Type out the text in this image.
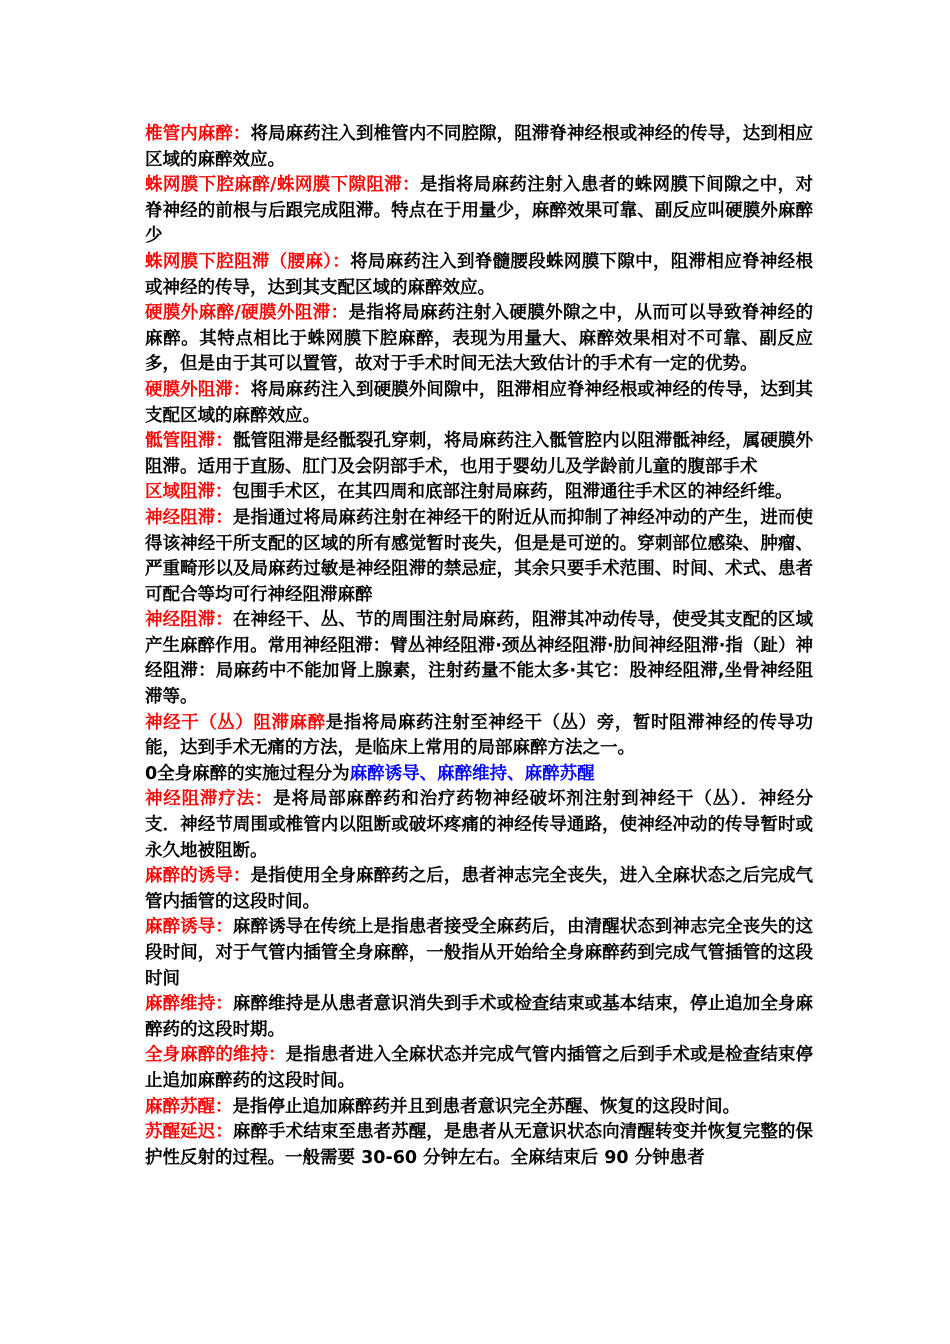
椎管内麻醉：将局麻药注入到椎管内不同腔隙，阻滞脊神经根或神经的传导，达到相应区域的麻醉效应。

蛛网膜下腔麻醉/蛛网膜下隙阻滞：是指将局麻药注射入患者的蛛网膜下间隙之中，对脊神经的前根与后跟完成阻滞。特点在于用量少，麻醉效果可靠、副反应叫硬膜外麻醉少

蛛网膜下腔阻滞（腰麻）：将局麻药注入到脊髓腰段蛛网膜下隙中，阻滞相应脊神经根或神经的传导，达到其支配区域的麻醉效应。

硬膜外麻醉/硬膜外阻滞：是指将局麻药注射入硬膜外隙之中，从而可以导致脊神经的麻醉。其特点相比于蛛网膜下腔麻醉，表现为用量大、麻醉效果相对不可靠、副反应多，但是由于其可以置管，故对于手术时间无法大致估计的手术有一定的优势。

硬膜外阻滞：将局麻药注入到硬膜外间隙中，阻滞相应脊神经根或神经的传导，达到其支配区域的麻醉效应。

骶管阻滞：骶管阻滞是经骶裂孔穿刺，将局麻药注入骶管腔内以阻滞骶神经，属硬膜外阻滞。适用于直肠、肛门及会阴部手术，也用于婴幼儿及学龄前儿童的腹部手术

区域阻滞：包围手术区，在其四周和底部注射局麻药，阻滞通往手术区的神经纤维。

神经阻滞：是指通过将局麻药注射在神经干的附近从而抑制了神经冲动的产生，进而使得该神经干所支配的区域的所有感觉暂时丧失，但是是可逆的。穿刺部位感染、肿瘤、严重畸形以及局麻药过敏是神经阻滞的禁忌症，其余只要手术范围、时间、术式、患者可配合等均可行神经阻滞麻醉

神经阻滞：在神经干、丛、节的周围注射局麻药，阻滞其冲动传导，使受其支配的区域产生麻醉作用。常用神经阻滞：臂丛神经阻滞·颈丛神经阻滞·肋间神经阻滞·指（趾）神经阻滞：局麻药中不能加肾上腺素，注射药量不能太多·其它：股神经阻滞,坐骨神经阻滞等。

神经干（丛）阻滞麻醉是指将局麻药注射至神经干（丛）旁，暂时阻滞神经的传导功能，达到手术无痛的方法，是临床上常用的局部麻醉方法之一。

0全身麻醉的实施过程分为麻醉诱导、麻醉维持、麻醉苏醒

神经阻滞疗法：是将局部麻醉药和治疗药物神经破坏剂注射到神经干（丛）．神经分支．神经节周围或椎管内以阻断或破坏疼痛的神经传导通路，使神经冲动的传导暂时或永久地被阻断。

麻醉的诱导：是指使用全身麻醉药之后，患者神志完全丧失，进入全麻状态之后完成气管内插管的这段时间。

麻醉诱导：麻醉诱导在传统上是指患者接受全麻药后，由清醒状态到神志完全丧失的这段时间，对于气管内插管全身麻醉，一般指从开始给全身麻醉药到完成气管插管的这段时间

麻醉维持：麻醉维持是从患者意识消失到手术或检查结束或基本结束，停止追加全身麻醉药的这段时期。

全身麻醉的维持：是指患者进入全麻状态并完成气管内插管之后到手术或是检查结束停止追加麻醉药的这段时间。

麻醉苏醒：是指停止追加麻醉药并且到患者意识完全苏醒、恢复的这段时间。

苏醒延迟：麻醉手术结束至患者苏醒，是患者从无意识状态向清醒转变并恢复完整的保护性反射的过程。一般需要 30-60 分钟左右。全麻结束后 90 分钟患者
